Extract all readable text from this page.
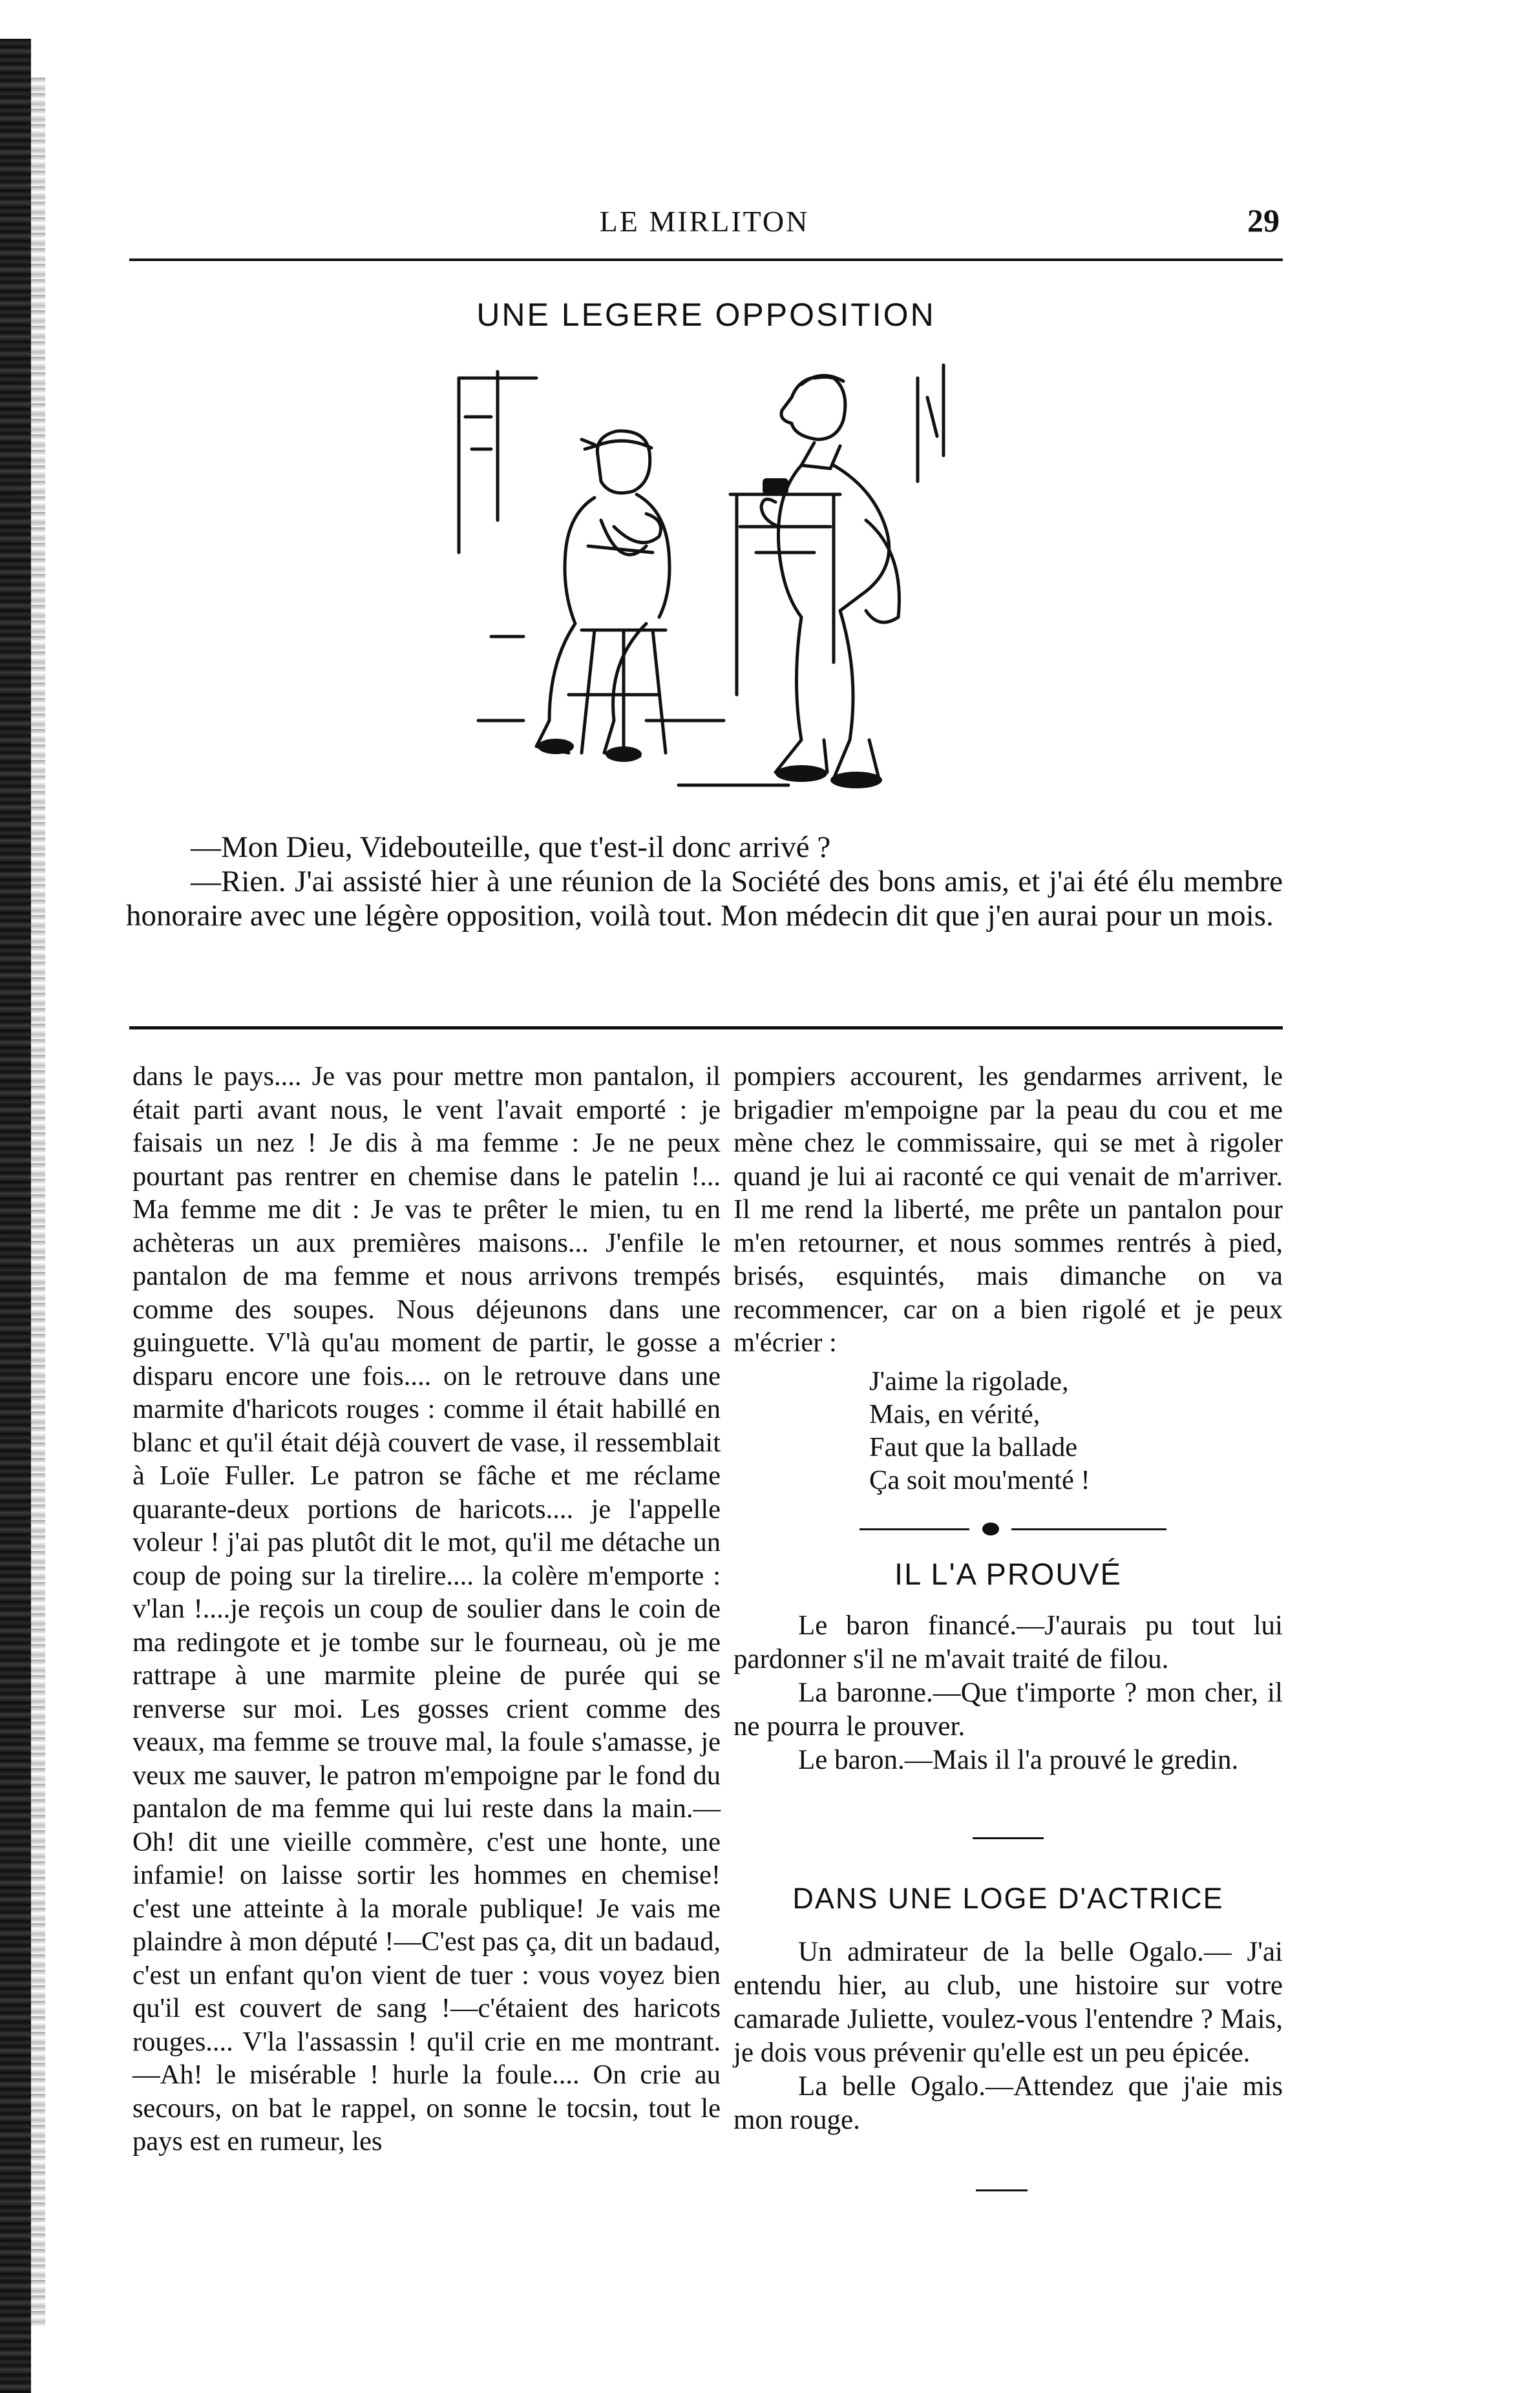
LE MIRLITON	29
UNE LEGERE OPPOSITION

—Mon Dieu, Videbouteille, que t'est-il donc arrivé ?

—Rien. J'ai assisté hier à une réunion de la Société des bons amis, et j'ai été élu membre honoraire avec une légère opposition, voilà tout. Mon médecin dit que j'en aurai pour un mois.

dans le pays.... Je vas pour mettre mon pantalon, il était parti avant nous, le vent l'avait emporté : je faisais un nez ! Je dis à ma femme : Je ne peux pourtant pas rentrer en chemise dans le patelin !... Ma femme me dit : Je vas te prêter le mien, tu en achèteras un aux premières maisons... J'enfile le pantalon de ma femme et nous arrivons trempés comme des soupes. Nous déjeunons dans une guinguette. V'là qu'au moment de partir, le gosse a disparu encore une fois.... on le retrouve dans une marmite d'haricots rouges : comme il était habillé en blanc et qu'il était déjà couvert de vase, il ressemblait à Loïe Fuller. Le patron se fâche et me réclame quarante-deux portions de haricots.... je l'appelle voleur ! j'ai pas plutôt dit le mot, qu'il me détache un coup de poing sur la tirelire.... la colère m'emporte : v'lan !....je reçois un coup de soulier dans le coin de ma redingote et je tombe sur le fourneau, où je me rattrape à une marmite pleine de purée qui se renverse sur moi. Les gosses crient comme des veaux, ma femme se trouve mal, la foule s'amasse, je veux me sauver, le patron m'empoigne par le fond du pantalon de ma femme qui lui reste dans la main.—Oh! dit une vieille commère, c'est une honte, une infamie! on laisse sortir les hommes en chemise! c'est une atteinte à la morale publique! Je vais me plaindre à mon député !—C'est pas ça, dit un badaud, c'est un enfant qu'on vient de tuer : vous voyez bien qu'il est couvert de sang !—c'étaient des haricots rouges.... V'la l'assassin ! qu'il crie en me montrant. —Ah! le misérable ! hurle la foule.... On crie au secours, on bat le rappel, on sonne le tocsin, tout le pays est en rumeur, les

pompiers accourent, les gendarmes arrivent, le brigadier m'empoigne par la peau du cou et me mène chez le commissaire, qui se met à rigoler quand je lui ai raconté ce qui venait de m'arriver. Il me rend la liberté, me prête un pantalon pour m'en retourner, et nous sommes rentrés à pied, brisés, esquintés, mais dimanche on va recommencer, car on a bien rigolé et je peux m'écrier :

J'aime la rigolade,
Mais, en vérité,
Faut que la ballade
Ça soit mou'menté !
IL L'A PROUVÉ

Le baron financé.—J'aurais pu tout lui pardonner s'il ne m'avait traité de filou.

La baronne.—Que t'importe ? mon cher, il ne pourra le prouver.

Le baron.—Mais il l'a prouvé le gredin.

DANS UNE LOGE D'ACTRICE

Un admirateur de la belle Ogalo.— J'ai entendu hier, au club, une histoire sur votre camarade Juliette, voulez-vous l'entendre ? Mais, je dois vous prévenir qu'elle est un peu épicée.

La belle Ogalo.—Attendez que j'aie mis mon rouge.
